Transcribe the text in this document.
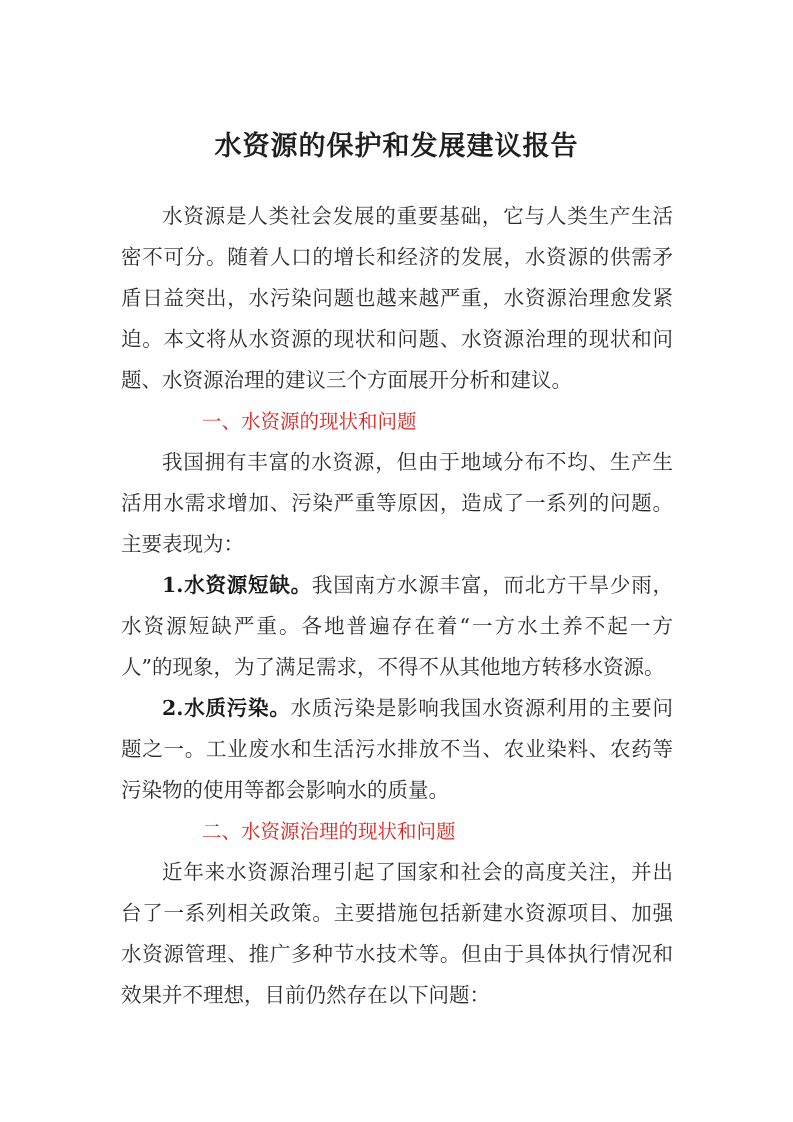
水资源的保护和发展建议报告

水资源是人类社会发展的重要基础，它与人类生产生活密不可分。随着人口的增长和经济的发展，水资源的供需矛盾日益突出，水污染问题也越来越严重，水资源治理愈发紧迫。本文将从水资源的现状和问题、水资源治理的现状和问题、水资源治理的建议三个方面展开分析和建议。

一、水资源的现状和问题

我国拥有丰富的水资源，但由于地域分布不均、生产生活用水需求增加、污染严重等原因，造成了一系列的问题。主要表现为：

1.水资源短缺。我国南方水源丰富，而北方干旱少雨，水资源短缺严重。各地普遍存在着“一方水土养不起一方人”的现象，为了满足需求，不得不从其他地方转移水资源。

2.水质污染。水质污染是影响我国水资源利用的主要问题之一。工业废水和生活污水排放不当、农业染料、农药等污染物的使用等都会影响水的质量。

二、水资源治理的现状和问题

近年来水资源治理引起了国家和社会的高度关注，并出台了一系列相关政策。主要措施包括新建水资源项目、加强水资源管理、推广多种节水技术等。但由于具体执行情况和效果并不理想，目前仍然存在以下问题：
